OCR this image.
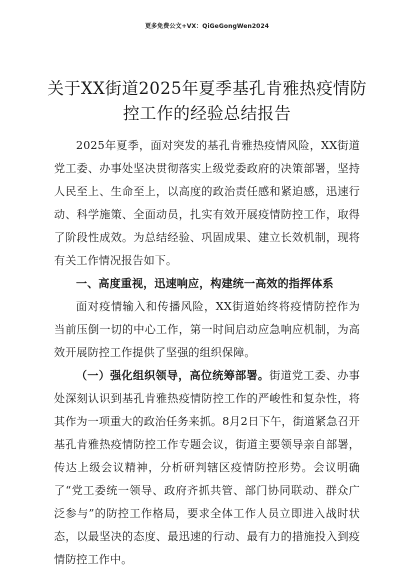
更多免费公文+VX：QiGeGongWen2024
关于XX街道2025年夏季基孔肯雅热疫情防控工作的经验总结报告

2025年夏季，面对突发的基孔肯雅热疫情风险，XX街道党工委、办事处坚决贯彻落实上级党委政府的决策部署，坚持人民至上、生命至上，以高度的政治责任感和紧迫感，迅速行动、科学施策、全面动员，扎实有效开展疫情防控工作，取得了阶段性成效。为总结经验、巩固成果、建立长效机制，现将有关工作情况报告如下。

一、高度重视，迅速响应，构建统一高效的指挥体系

面对疫情输入和传播风险，XX街道始终将疫情防控作为当前压倒一切的中心工作，第一时间启动应急响应机制，为高效开展防控工作提供了坚强的组织保障。

（一）强化组织领导，高位统筹部署。街道党工委、办事处深刻认识到基孔肯雅热疫情防控工作的严峻性和复杂性，将其作为一项重大的政治任务来抓。8月2日下午，街道紧急召开基孔肯雅热疫情防控工作专题会议，街道主要领导亲自部署，传达上级会议精神，分析研判辖区疫情防控形势。会议明确了“党工委统一领导、政府齐抓共管、部门协同联动、群众广泛参与”的防控工作格局，要求全体工作人员立即进入战时状态，以最坚决的态度、最迅速的行动、最有力的措施投入到疫情防控工作中。
